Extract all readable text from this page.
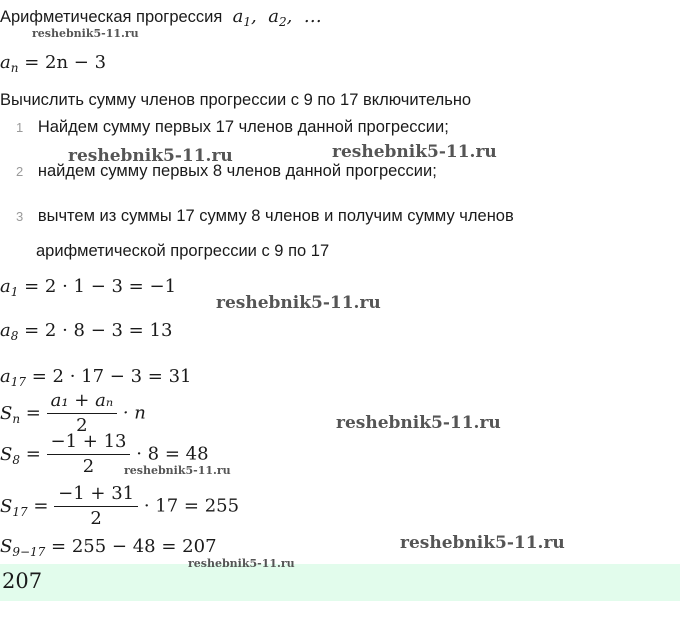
Арифметическая прогрессия  $a_1$,  $a_2$,  …
$a_n = 2n - 3$
Вычислить сумму членов прогрессии с 9 по 17 включительно
1 Найдем сумму первых 17 членов данной прогрессии;
2 найдем сумму первых 8 членов данной прогрессии;
3 вычтем из суммы 17 сумму 8 членов и получим сумму членов
арифметической прогрессии с 9 по 17
$a_1 = 2 \cdot 1 - 3 = -1$
$a_8 = 2 \cdot 8 - 3 = 13$
$a_{17} = 2 \cdot 17 - 3 = 31$
$S_n = \frac{\text{a₁ + aₙ}}{2} \cdot n$
$S_8 = \frac{-1 + 13}{2} \cdot 8 = 48$
$S_{17} = \frac{-1 + 31}{2} \cdot 17 = 255$
$S_{9-17} = 255 - 48 = 207$
207
reshebnik5-11.ru
reshebnik5-11.ru	reshebnik5-11.ru
reshebnik5-11.ru
reshebnik5-11.ru
reshebnik5-11.ru
reshebnik5-11.ru
reshebnik5-11.ru
